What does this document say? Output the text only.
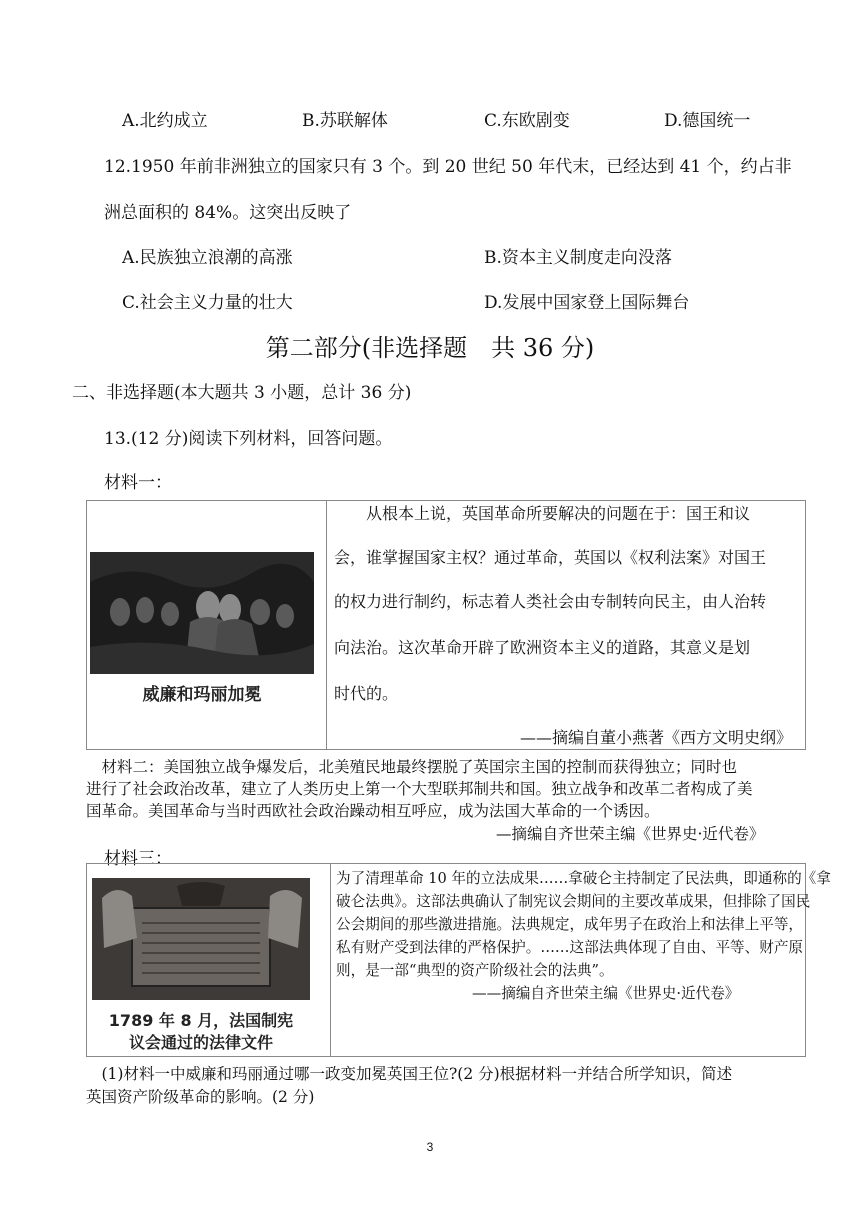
A.北约成立	B.苏联解体	C.东欧剧变	D.德国统一
12.1950 年前非洲独立的国家只有 3 个。到 20 世纪 50 年代末，已经达到 41 个，约占非
洲总面积的 84%。这突出反映了
A.民族独立浪潮的高涨	B.资本主义制度走向没落
C.社会主义力量的壮大	D.发展中国家登上国际舞台
第二部分(非选择题　共 36 分)
二、非选择题(本大题共 3 小题，总计 36 分)
13.(12 分)阅读下列材料，回答问题。
材料一：
威廉和玛丽加冕
　　从根本上说，英国革命所要解决的问题在于：国王和议
会，谁掌握国家主权？通过革命，英国以《权利法案》对国王
的权力进行制约，标志着人类社会由专制转向民主，由人治转
向法治。这次革命开辟了欧洲资本主义的道路，其意义是划
时代的。
——摘编自董小燕著《西方文明史纲》
　材料二：美国独立战争爆发后，北美殖民地最终摆脱了英国宗主国的控制而获得独立；同时也
进行了社会政治改革，建立了人类历史上第一个大型联邦制共和国。独立战争和改革二者构成了美
国革命。美国革命与当时西欧社会政治躁动相互呼应，成为法国大革命的一个诱因。
—摘编自齐世荣主编《世界史·近代卷》
材料三：
1789 年 8 月，法国制宪
议会通过的法律文件
为了清理革命 10 年的立法成果……拿破仑主持制定了民法典，即通称的《拿
破仑法典》。这部法典确认了制宪议会期间的主要改革成果，但排除了国民
公会期间的那些激进措施。法典规定，成年男子在政治上和法律上平等，
私有财产受到法律的严格保护。……这部法典体现了自由、平等、财产原
则，是一部“典型的资产阶级社会的法典”。
——摘编自齐世荣主编《世界史·近代卷》
　(1)材料一中威廉和玛丽通过哪一政变加冕英国王位?(2 分)根据材料一并结合所学知识，简述
英国资产阶级革命的影响。(2 分)
3
